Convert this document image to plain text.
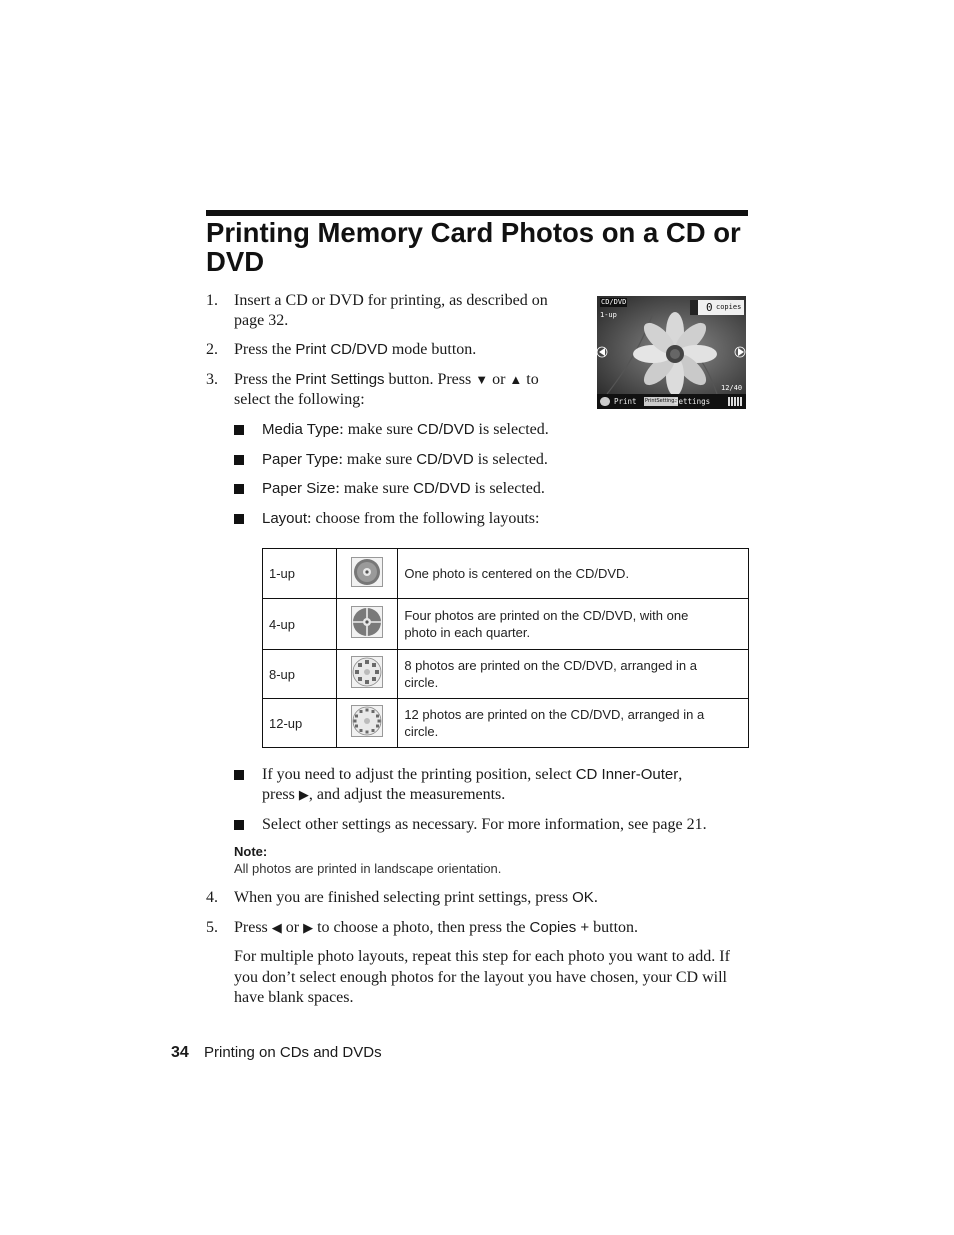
Printing Memory Card Photos on a CD or DVD
1. Insert a CD or DVD for printing, as described on
page 32.
2. Press the Print CD/DVD mode button.
3. Press the Print Settings button. Press ▼ or ▲ to
select the following:
CD/DVD
1-up
0 copies
12/40
Print PrintSettings
Settings
Media Type: make sure CD/DVD is selected.
Paper Type: make sure CD/DVD is selected.
Paper Size: make sure CD/DVD is selected.
Layout: choose from the following layouts:
1-up		One photo is centered on the CD/DVD.

4-up		Four photos are printed on the CD/DVD, with one
photo in each quarter.

8-up		8 photos are printed on the CD/DVD, arranged in a
circle.

12-up		12 photos are printed on the CD/DVD, arranged in a
circle.
If you need to adjust the printing position, select CD Inner-Outer,
press ▶, and adjust the measurements.
Select other settings as necessary. For more information, see page 21.
Note:
All photos are printed in landscape orientation.
4. When you are finished selecting print settings, press OK.
5. Press ◀ or ▶ to choose a photo, then press the Copies + button.
For multiple photo layouts, repeat this step for each photo you want to add. If
you don’t select enough photos for the layout you have chosen, your CD will
have blank spaces.
34 Printing on CDs and DVDs
